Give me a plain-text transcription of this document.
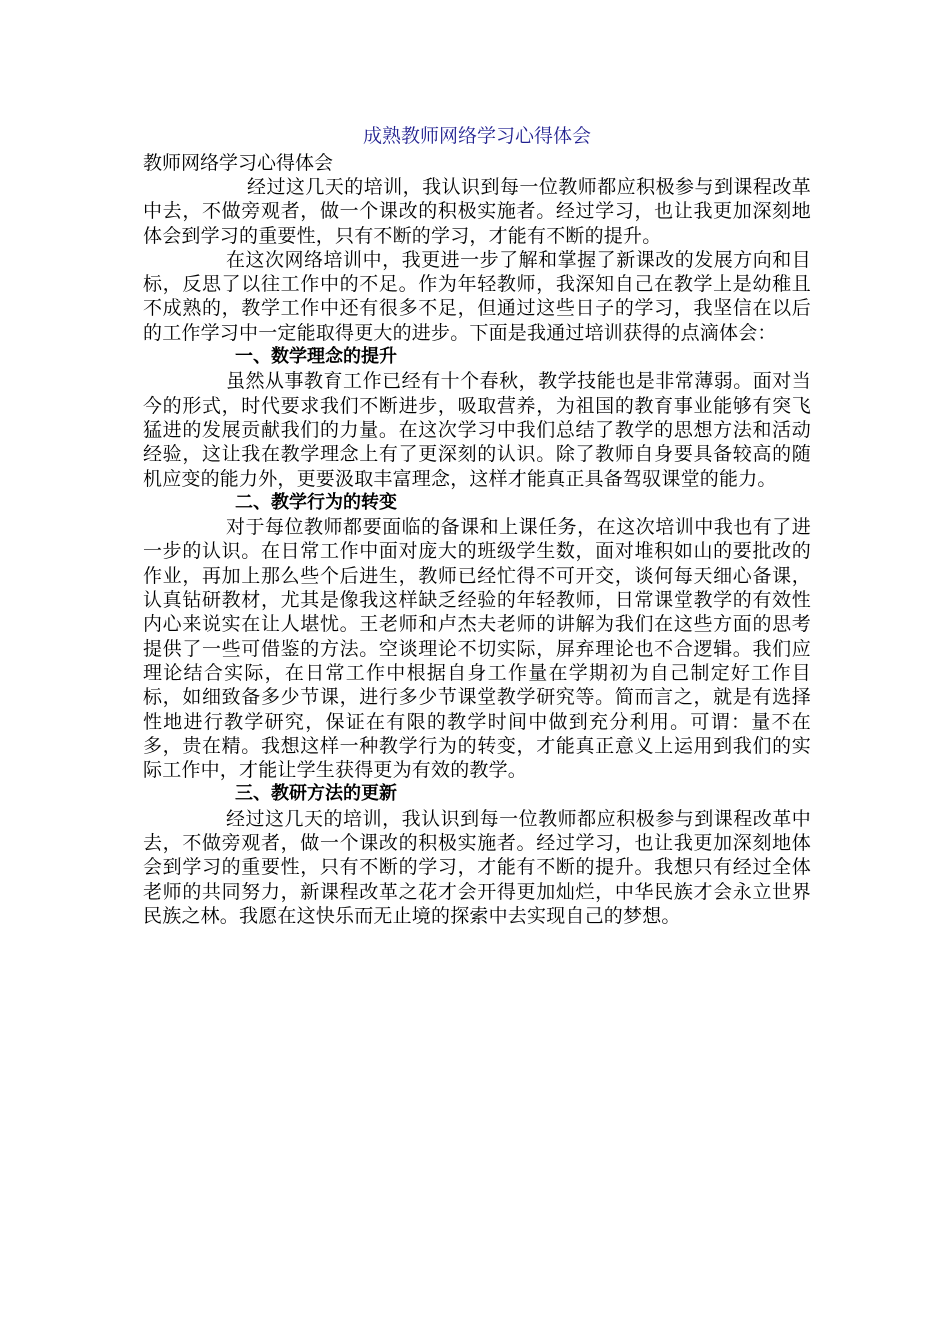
成熟教师网络学习心得体会

教师网络学习心得体会

经过这几天的培训，我认识到每一位教师都应积极参与到课程改革中去，不做旁观者，做一个课改的积极实施者。经过学习，也让我更加深刻地体会到学习的重要性，只有不断的学习，才能有不断的提升。

在这次网络培训中，我更进一步了解和掌握了新课改的发展方向和目标，反思了以往工作中的不足。作为年轻教师，我深知自己在教学上是幼稚且不成熟的，教学工作中还有很多不足，但通过这些日子的学习，我坚信在以后的工作学习中一定能取得更大的进步。下面是我通过培训获得的点滴体会：

一、数学理念的提升

虽然从事教育工作已经有十个春秋，教学技能也是非常薄弱。面对当今的形式，时代要求我们不断进步，吸取营养，为祖国的教育事业能够有突飞猛进的发展贡献我们的力量。在这次学习中我们总结了教学的思想方法和活动经验，这让我在教学理念上有了更深刻的认识。除了教师自身要具备较高的随机应变的能力外，更要汲取丰富理念，这样才能真正具备驾驭课堂的能力。

二、教学行为的转变

对于每位教师都要面临的备课和上课任务，在这次培训中我也有了进一步的认识。在日常工作中面对庞大的班级学生数，面对堆积如山的要批改的作业，再加上那么些个后进生，教师已经忙得不可开交，谈何每天细心备课，认真钻研教材，尤其是像我这样缺乏经验的年轻教师，日常课堂教学的有效性内心来说实在让人堪忧。王老师和卢杰夫老师的讲解为我们在这些方面的思考提供了一些可借鉴的方法。空谈理论不切实际，屏弃理论也不合逻辑。我们应理论结合实际，在日常工作中根据自身工作量在学期初为自己制定好工作目标，如细致备多少节课，进行多少节课堂教学研究等。简而言之，就是有选择性地进行教学研究，保证在有限的教学时间中做到充分利用。可谓：量不在多，贵在精。我想这样一种教学行为的转变，才能真正意义上运用到我们的实际工作中，才能让学生获得更为有效的教学。

三、教研方法的更新

经过这几天的培训，我认识到每一位教师都应积极参与到课程改革中去，不做旁观者，做一个课改的积极实施者。经过学习，也让我更加深刻地体会到学习的重要性，只有不断的学习，才能有不断的提升。我想只有经过全体老师的共同努力，新课程改革之花才会开得更加灿烂，中华民族才会永立世界民族之林。我愿在这快乐而无止境的探索中去实现自己的梦想。
